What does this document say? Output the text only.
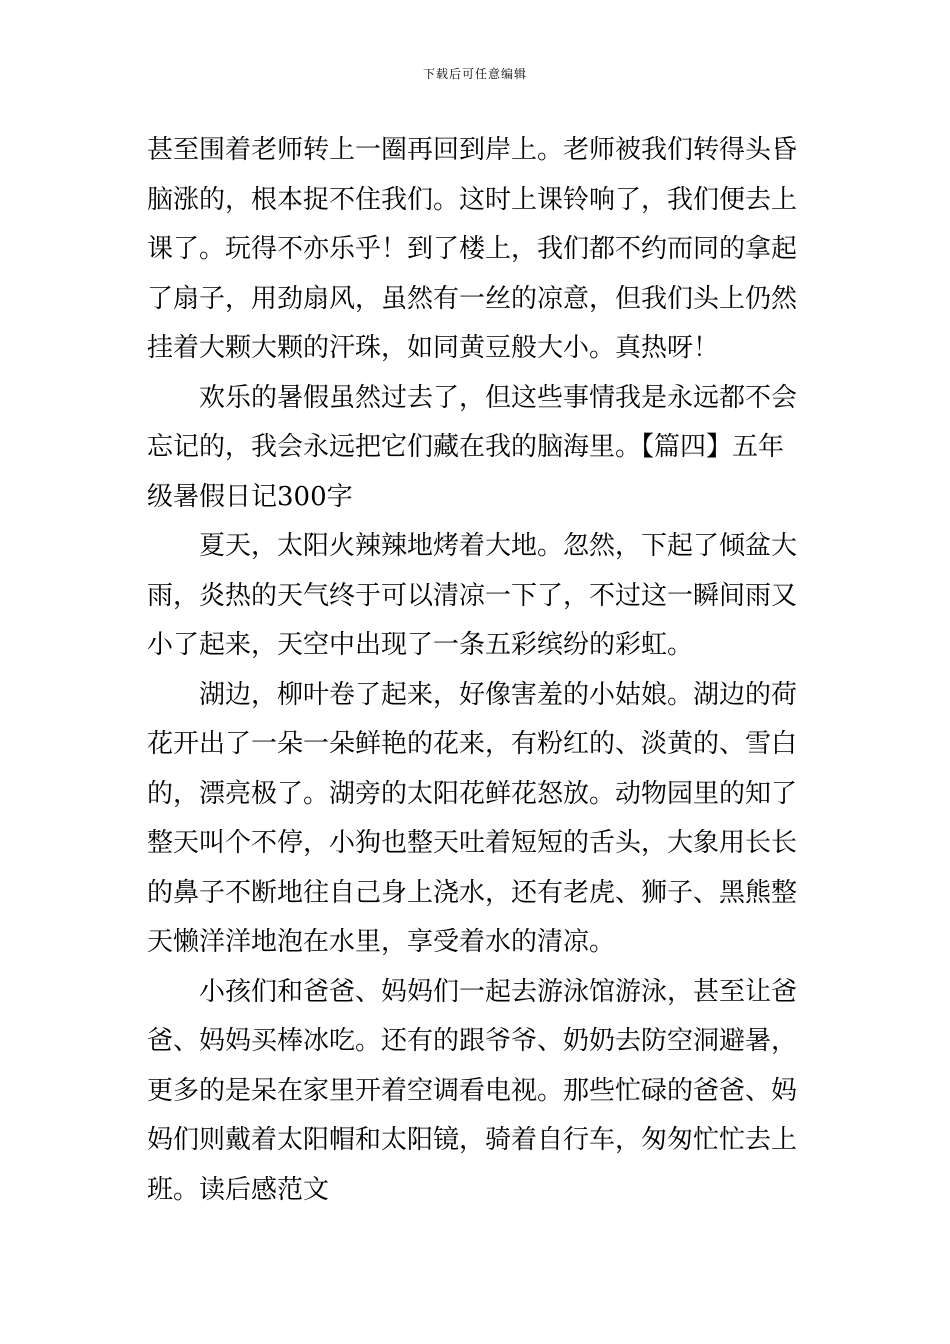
下载后可任意编辑
甚至围着老师转上一圈再回到岸上。老师被我们转得头昏
脑涨的，根本捉不住我们。这时上课铃响了，我们便去上
课了。玩得不亦乐乎！到了楼上，我们都不约而同的拿起
了扇子，用劲扇风，虽然有一丝的凉意，但我们头上仍然
挂着大颗大颗的汗珠，如同黄豆般大小。真热呀！
欢乐的暑假虽然过去了，但这些事情我是永远都不会
忘记的，我会永远把它们藏在我的脑海里。【篇四】五年
级暑假日记300字
夏天，太阳火辣辣地烤着大地。忽然，下起了倾盆大
雨，炎热的天气终于可以清凉一下了，不过这一瞬间雨又
小了起来，天空中出现了一条五彩缤纷的彩虹。
湖边，柳叶卷了起来，好像害羞的小姑娘。湖边的荷
花开出了一朵一朵鲜艳的花来，有粉红的、淡黄的、雪白
的，漂亮极了。湖旁的太阳花鲜花怒放。动物园里的知了
整天叫个不停，小狗也整天吐着短短的舌头，大象用长长
的鼻子不断地往自己身上浇水，还有老虎、狮子、黑熊整
天懒洋洋地泡在水里，享受着水的清凉。
小孩们和爸爸、妈妈们一起去游泳馆游泳，甚至让爸
爸、妈妈买棒冰吃。还有的跟爷爷、奶奶去防空洞避暑，
更多的是呆在家里开着空调看电视。那些忙碌的爸爸、妈
妈们则戴着太阳帽和太阳镜，骑着自行车，匆匆忙忙去上
班。读后感范文
